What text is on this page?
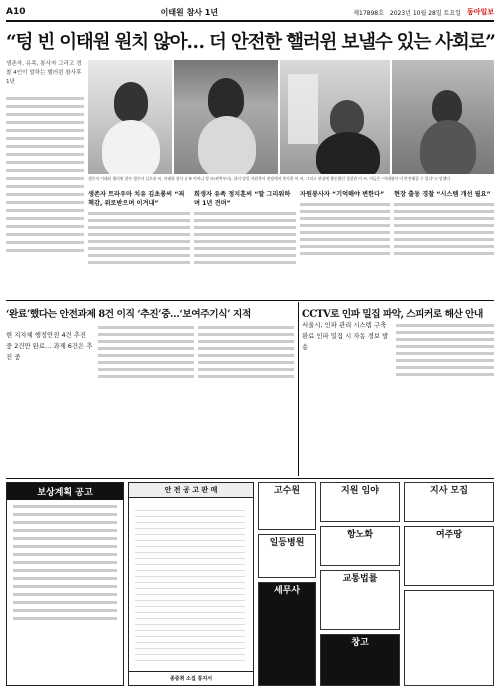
A10	이태원 참사 1년	제17898호 2023년 10월 28일 토요일 동아일보
“텅 빈 이태원 원치 않아… 더 안전한 핼러윈 보낼수 있는 사회로”
생존자, 유족, 봉사자 그리고 경찰 4인이 말하는 핼러윈 참사후 1년
생존자 이태원 핼러윈 참사 생존자 김초롱 씨, 이태원 참사 유족 어머니 정 씨(왼쪽부터), 참사 당일 자원봉사 현장에서 봉사한 이 씨, 그리고 현장에 출동했던 경찰관 이 씨. 이들은 “이태원이 더 안전해질 수 있다”고 말했다.
생존자 트라우마 치유 김초롱씨 “죄책감, 위로받으며 이겨내”
희생자 유족 정지훈씨 “딸 그리워하며 1년 견뎌”
자원봉사자 “기억해야 변한다”	현장 출동 경찰 “시스템 개선 필요”
‘완료’했다는 안전과제 8건 이직 ‘추진’중…‘보여주기식’ 지적	CCTV로 인파 밀집 파악, 스피커로 해산 안내
현 지자체 행정안전 4건 추진 중 2건만 완료… 과제 6건은 추진 중
서울시, 인파 관리 시스템 구축 완료 인파 밀집 시 자동 경보 발송
보상계획 공고	안 전 공 고 판 매
종중취 소집 통지서
고수원
일등병원
세무사
지원 임야
항노화
교통법률
창고
지사 모집
여주땅
